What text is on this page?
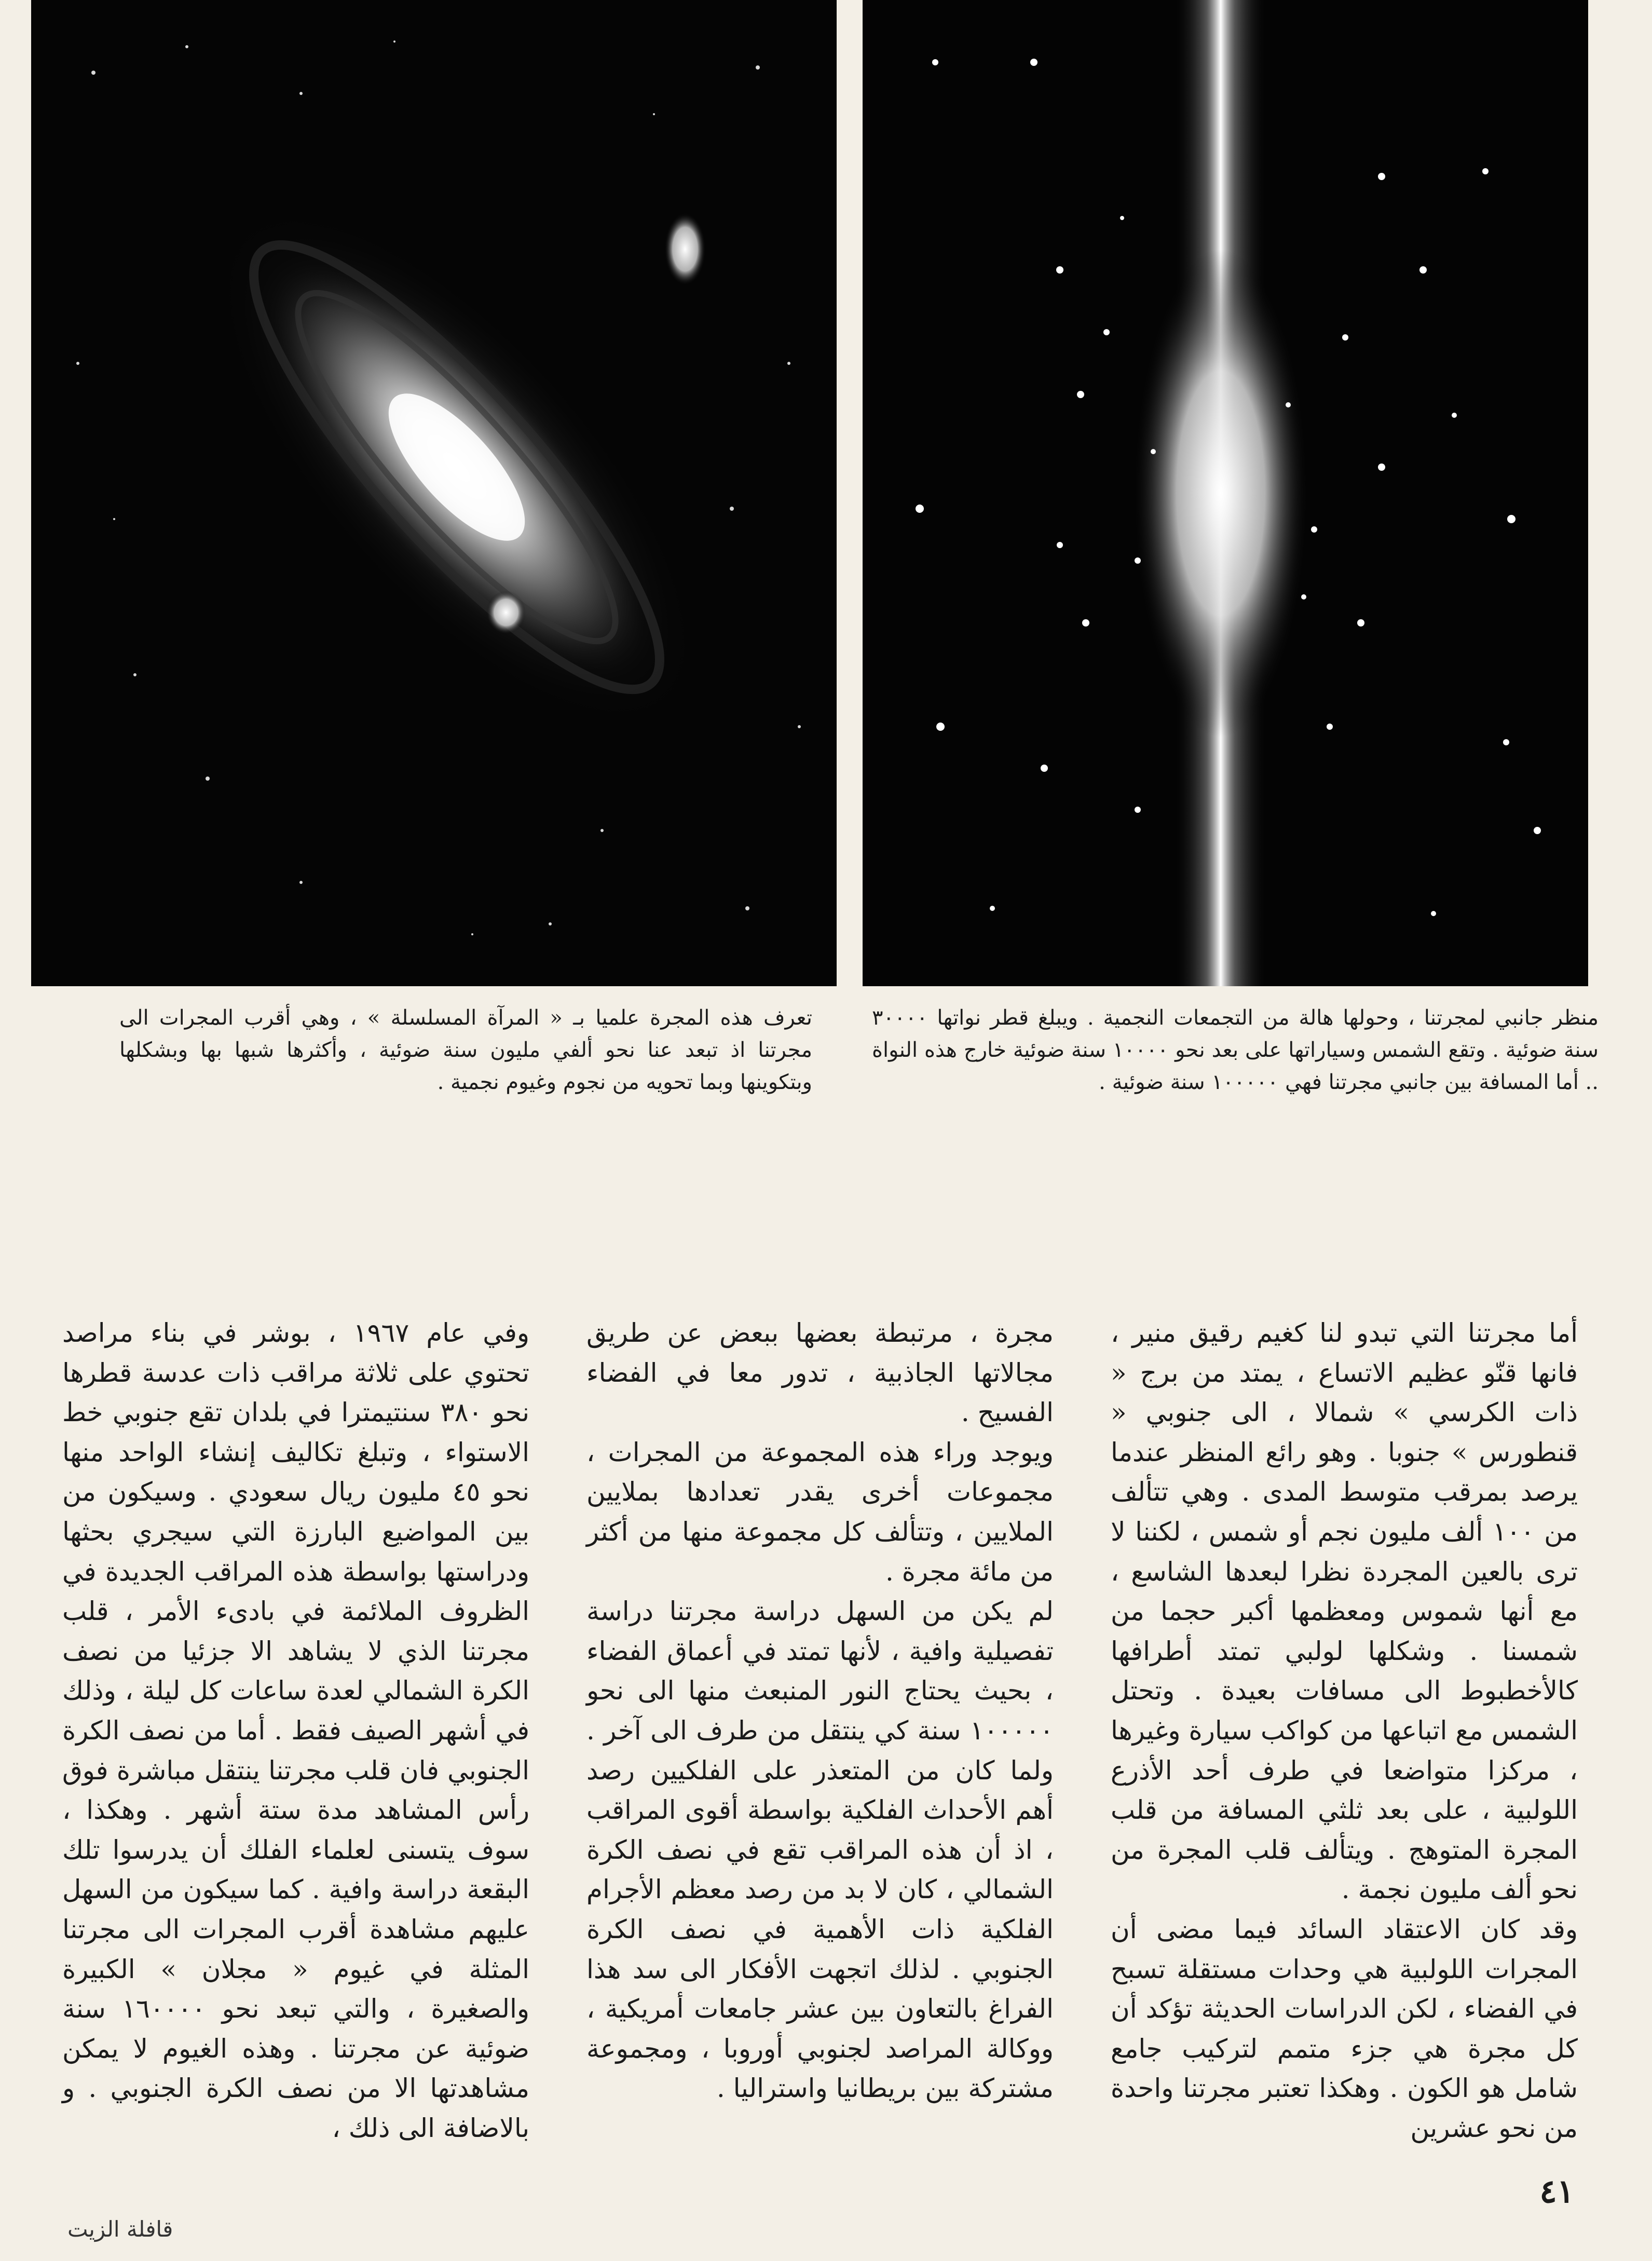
تعرف هذه المجرة علميا بـ « المرآة المسلسلة » ، وهي أقرب المجرات الى مجرتنا اذ تبعد عنا نحو ألفي مليون سنة ضوئية ، وأكثرها شبها بها وبشكلها وبتكوينها وبما تحويه من نجوم وغيوم نجمية .

منظر جانبي لمجرتنا ، وحولها هالة من التجمعات النجمية . ويبلغ قطر نواتها ٣٠٠٠٠ سنة ضوئية . وتقع الشمس وسياراتها على بعد نحو ١٠٠٠٠ سنة ضوئية خارج هذه النواة .. أما المسافة بين جانبي مجرتنا فهي ١٠٠٠٠٠ سنة ضوئية .

أما مجرتنا التي تبدو لنا كغيم رقيق منير ، فانها قنّو عظيم الاتساع ، يمتد من برج « ذات الكرسي » شمالا ، الى جنوبي « قنطورس » جنوبا . وهو رائع المنظر عندما يرصد بمرقب متوسط المدى . وهي تتألف من ١٠٠ ألف مليون نجم أو شمس ، لكننا لا ترى بالعين المجردة نظرا لبعدها الشاسع ، مع أنها شموس ومعظمها أكبر حجما من شمسنا . وشكلها لولبي تمتد أطرافها كالأخطبوط الى مسافات بعيدة . وتحتل الشمس مع اتباعها من كواكب سيارة وغيرها ، مركزا متواضعا في طرف أحد الأذرع اللولبية ، على بعد ثلثي المسافة من قلب المجرة المتوهج . ويتألف قلب المجرة من نحو ألف مليون نجمة .

وقد كان الاعتقاد السائد فيما مضى أن المجرات اللولبية هي وحدات مستقلة تسبح في الفضاء ، لكن الدراسات الحديثة تؤكد أن كل مجرة هي جزء متمم لتركيب جامع شامل هو الكون . وهكذا تعتبر مجرتنا واحدة من نحو عشرين

مجرة ، مرتبطة بعضها ببعض عن طريق مجالاتها الجاذبية ، تدور معا في الفضاء الفسيح .

ويوجد وراء هذه المجموعة من المجرات ، مجموعات أخرى يقدر تعدادها بملايين الملايين ، وتتألف كل مجموعة منها من أكثر من مائة مجرة .

لم يكن من السهل دراسة مجرتنا دراسة تفصيلية وافية ، لأنها تمتد في أعماق الفضاء ، بحيث يحتاج النور المنبعث منها الى نحو ١٠٠٠٠٠ سنة كي ينتقل من طرف الى آخر . ولما كان من المتعذر على الفلكيين رصد أهم الأحداث الفلكية بواسطة أقوى المراقب ، اذ أن هذه المراقب تقع في نصف الكرة الشمالي ، كان لا بد من رصد معظم الأجرام الفلكية ذات الأهمية في نصف الكرة الجنوبي . لذلك اتجهت الأفكار الى سد هذا الفراغ بالتعاون بين عشر جامعات أمريكية ، ووكالة المراصد لجنوبي أوروبا ، ومجموعة مشتركة بين بريطانيا واستراليا .

وفي عام ١٩٦٧ ، بوشر في بناء مراصد تحتوي على ثلاثة مراقب ذات عدسة قطرها نحو ٣٨٠ سنتيمترا في بلدان تقع جنوبي خط الاستواء ، وتبلغ تكاليف إنشاء الواحد منها نحو ٤٥ مليون ريال سعودي . وسيكون من بين المواضيع البارزة التي سيجري بحثها ودراستها بواسطة هذه المراقب الجديدة في الظروف الملائمة في بادىء الأمر ، قلب مجرتنا الذي لا يشاهد الا جزئيا من نصف الكرة الشمالي لعدة ساعات كل ليلة ، وذلك في أشهر الصيف فقط . أما من نصف الكرة الجنوبي فان قلب مجرتنا ينتقل مباشرة فوق رأس المشاهد مدة ستة أشهر . وهكذا ، سوف يتسنى لعلماء الفلك أن يدرسوا تلك البقعة دراسة وافية . كما سيكون من السهل عليهم مشاهدة أقرب المجرات الى مجرتنا المثلة في غيوم « مجلان » الكبيرة والصغيرة ، والتي تبعد نحو ١٦٠٠٠٠ سنة ضوئية عن مجرتنا . وهذه الغيوم لا يمكن مشاهدتها الا من نصف الكرة الجنوبي . و بالاضافة الى ذلك ،

٤١

قافلة الزيت
